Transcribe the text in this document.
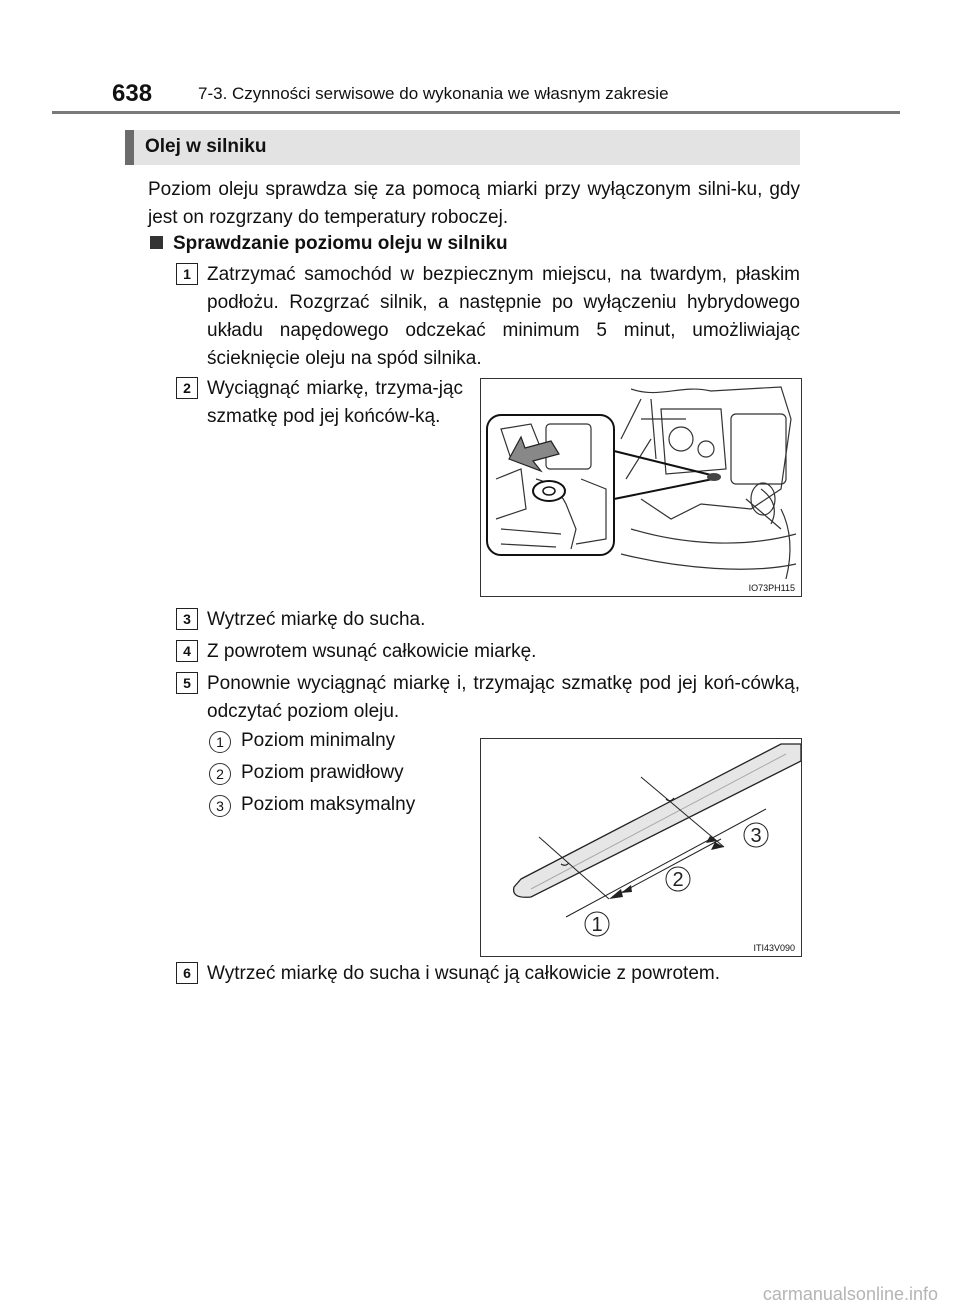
638	7-3. Czynności serwisowe do wykonania we własnym zakresie
Olej w silniku
Poziom oleju sprawdza się za pomocą miarki przy wyłączonym silni-ku, gdy jest on rozgrzany do temperatury roboczej.
Sprawdzanie poziomu oleju w silniku
1 Zatrzymać samochód w bezpiecznym miejscu, na twardym, płaskim podłożu. Rozgrzać silnik, a następnie po wyłączeniu hybrydowego układu napędowego odczekać minimum 5 minut, umożliwiając ścieknięcie oleju na spód silnika.
2 Wyciągnąć miarkę, trzyma-jąc szmatkę pod jej końców-ką.
IO73PH115
3 Wytrzeć miarkę do sucha.
4 Z powrotem wsunąć całkowicie miarkę.
5 Ponownie wyciągnąć miarkę i, trzymając szmatkę pod jej koń-cówką, odczytać poziom oleju.
1 Poziom minimalny
2 Poziom prawidłowy
3 Poziom maksymalny
1
2
3
ITI43V090
6 Wytrzeć miarkę do sucha i wsunąć ją całkowicie z powrotem.
carmanualsonline.info
